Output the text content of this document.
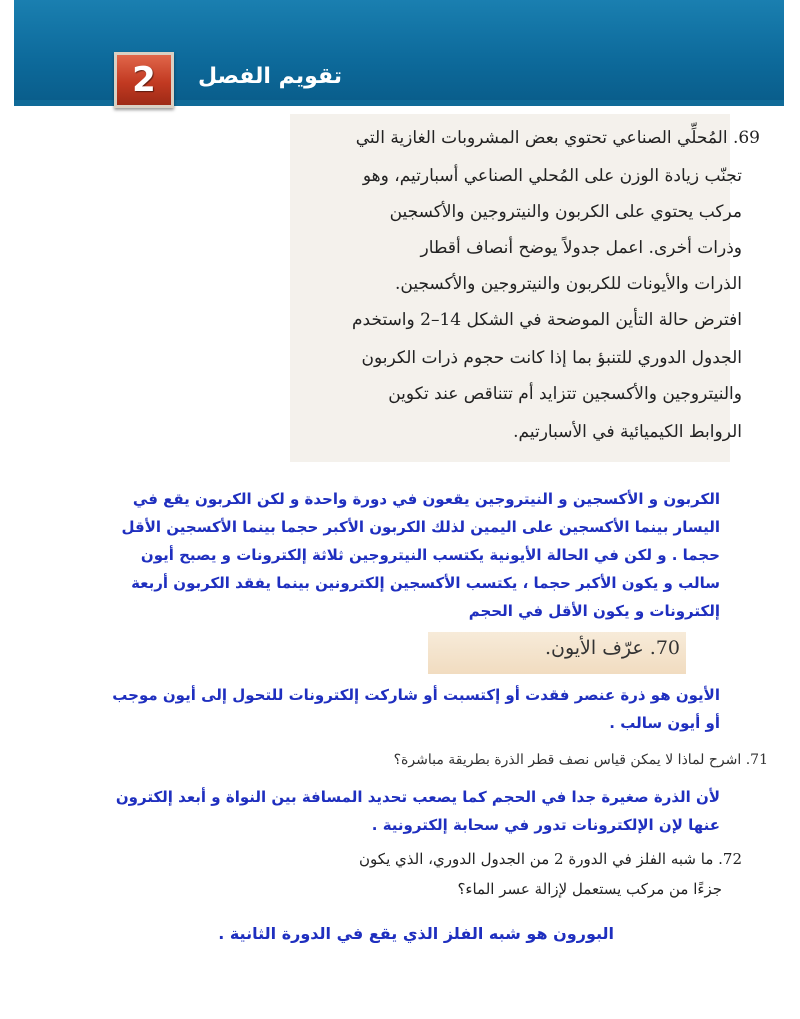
تقويم الفصل
2
69. المُحلِّي الصناعي تحتوي بعض المشروبات الغازية التي
تجنّب زيادة الوزن على المُحلي الصناعي أسبارتيم، وهو
مركب يحتوي على الكربون والنيتروجين والأكسجين
وذرات أخرى. اعمل جدولاً يوضح أنصاف أقطار
الذرات والأيونات للكربون والنيتروجين والأكسجين.
افترض حالة التأين الموضحة في الشكل 14–2 واستخدم
الجدول الدوري للتنبؤ بما إذا كانت حجوم ذرات الكربون
والنيتروجين والأكسجين تتزايد أم تتناقص عند تكوين
الروابط الكيميائية في الأسبارتيم.
الكربون و الأكسجين و النيتروجين يقعون في دورة واحدة و لكن الكربون يقع في
اليسار بينما الأكسجين على اليمين لذلك الكربون الأكبر حجما بينما الأكسجين الأقل
حجما . و لكن في الحالة الأيونية يكتسب النيتروجين ثلاثة إلكترونات و يصبح أيون
سالب و يكون الأكبر حجما ، يكتسب الأكسجين إلكترونين بينما يفقد الكربون أربعة
إلكترونات و يكون الأقل في الحجم
70. عرّف الأيون.
الأيون هو ذرة عنصر فقدت أو إكتسبت أو شاركت إلكترونات للتحول إلى أيون موجب
أو أيون سالب .
71. اشرح لماذا لا يمكن قياس نصف قطر الذرة بطريقة مباشرة؟
لأن الذرة صغيرة جدا في الحجم كما يصعب تحديد المسافة بين النواة و أبعد إلكترون
عنها لإن الإلكترونات تدور في سحابة إلكترونية .
72. ما شبه الفلز في الدورة 2 من الجدول الدوري، الذي يكون
جزءًا من مركب يستعمل لإزالة عسر الماء؟
البورون هو شبه الفلز الذي يقع في الدورة الثانية .
